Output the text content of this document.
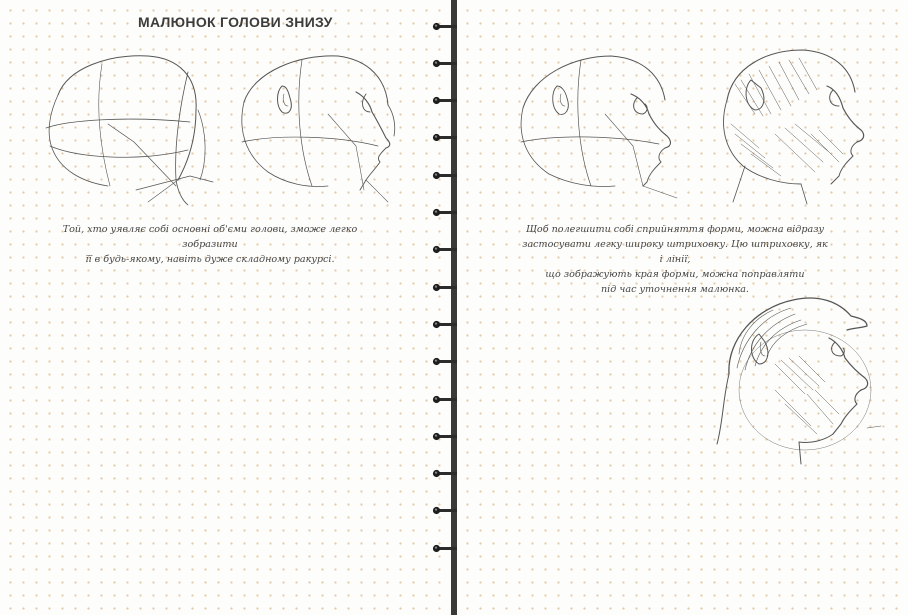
МАЛЮНОК ГОЛОВИ ЗНИЗУ

Той, хто уявляє собі основні об'єми голови, зможе легко зобразити
її в будь-якому, навіть дуже складному ракурсі.

Щоб полегшити собі сприйняття форми, можна відразу
застосувати легку широку штриховку. Цю штриховку, як і лінії,
що зображують края форми, можна поправляти
під час уточнення малюнка.
